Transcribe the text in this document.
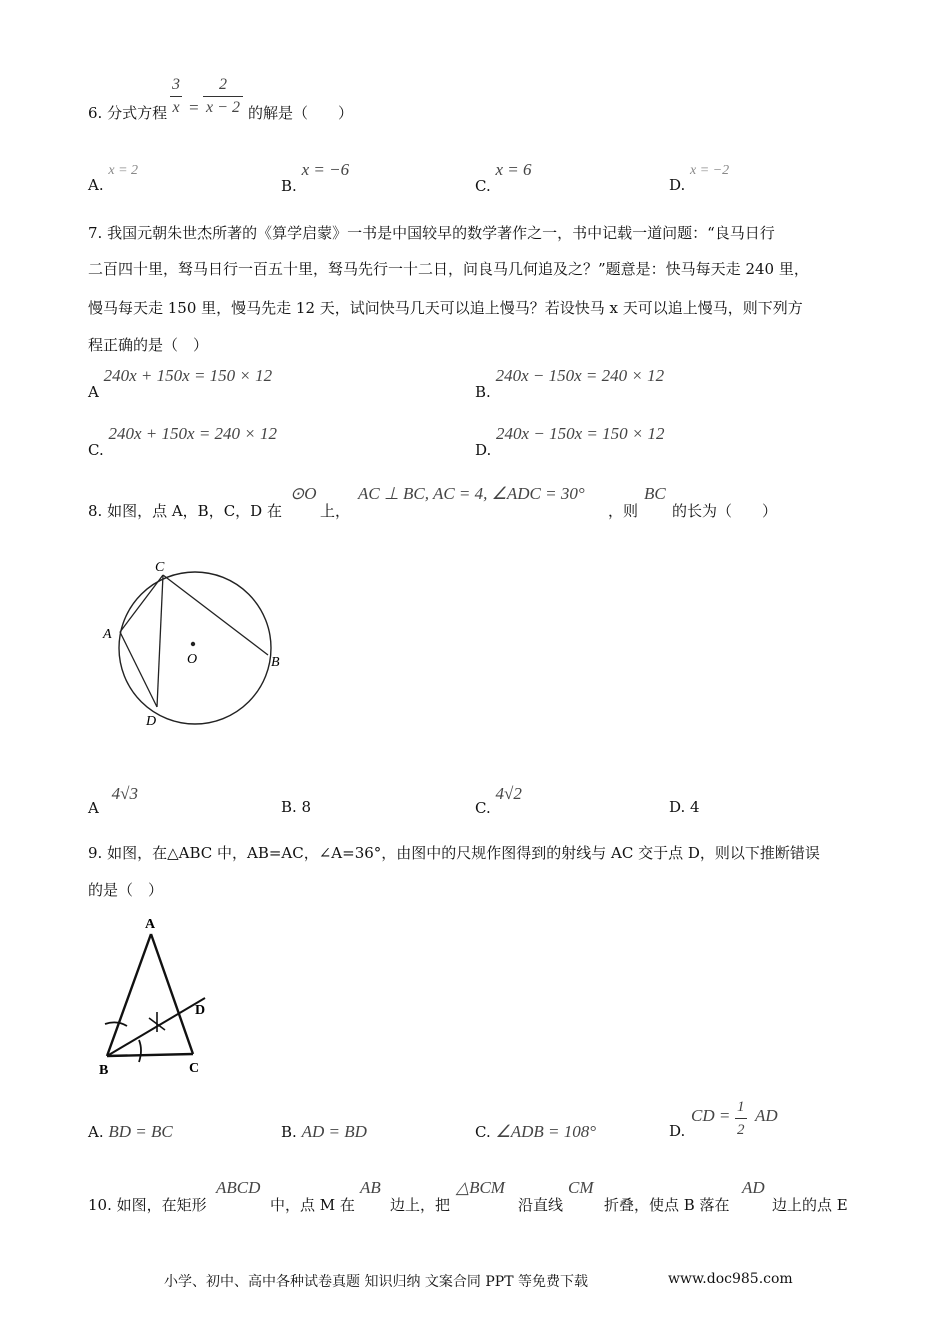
6. 分式方程 $\frac{3}{x} = \frac{2}{x - 2}$ 的解是（　　）
A. x = 2
B. x = −6
C. x = 6
D. x = −2
7. 我国元朝朱世杰所著的《算学启蒙》一书是中国较早的数学著作之一，书中记载一道问题：“良马日行
二百四十里，驽马日行一百五十里，驽马先行一十二日，问良马几何追及之？”题意是：快马每天走 240 里，
慢马每天走 150 里，慢马先走 12 天，试问快马几天可以追上慢马？若设快马 x 天可以追上慢马，则下列方
程正确的是（　）
A 240x + 150x = 150 × 12
B. 240x − 150x = 240 × 12
C. 240x + 150x = 240 × 12
D. 240x − 150x = 150 × 12
8. 如图，点 A，B，C，D 在
⊙O
上，
AC ⊥ BC, AC = 4, ∠ADC = 30°
，则
BC
的长为（　　）
C
A
O	B
D
A 4√3
B. 8	C. 4√2
D. 4
9. 如图，在△ABC 中，AB=AC，∠A=36°，由图中的尺规作图得到的射线与 AC 交于点 D，则以下推断错误
的是（　）
A
D
B	C
A. BD = BC	B. AD = BD	C. ∠ADB = 108°	D.
CD = $\frac{1}{2}$ AD
10. 如图，在矩形
ABCD
中，点 M 在
AB
边上，把
△BCM
沿直线
CM
折叠，使点 B 落在
AD
边上的点 E
小学、初中、高中各种试卷真题 知识归纳 文案合同 PPT 等免费下载	www.doc985.com
